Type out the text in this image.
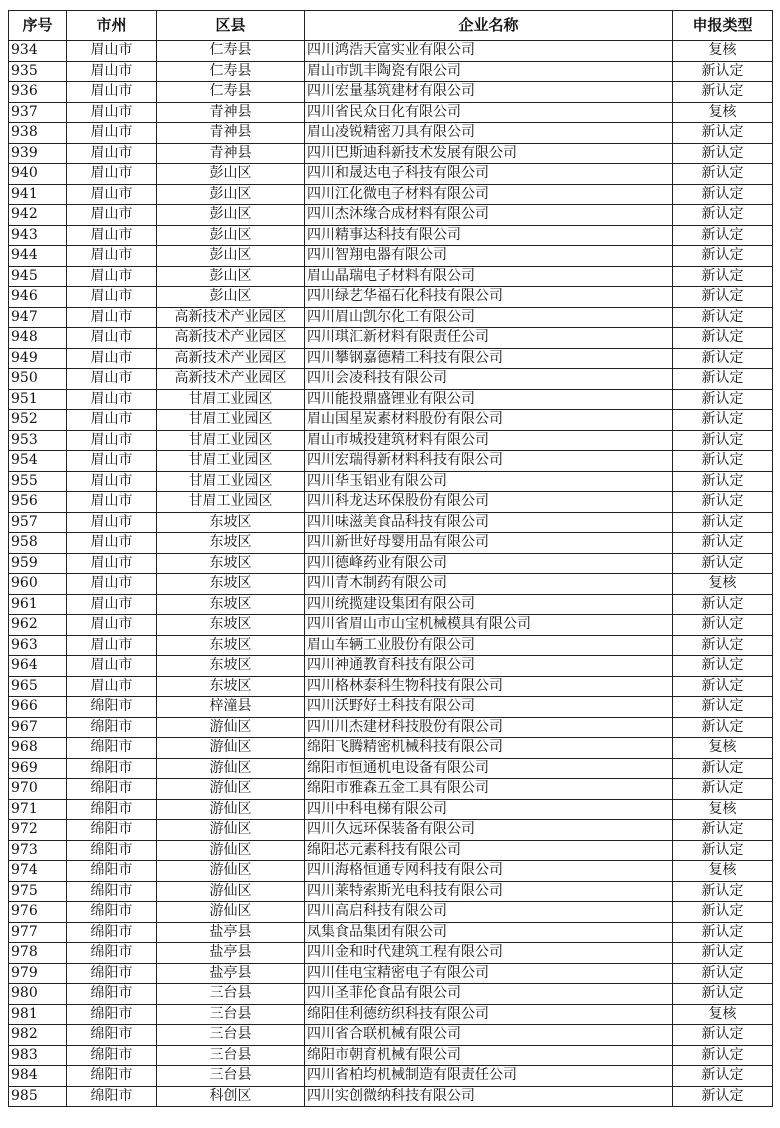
序号	市州	区县	企业名称	申报类型
934	眉山市	仁寿县	四川鸿浩天富实业有限公司	复核
935	眉山市	仁寿县	眉山市凯丰陶瓷有限公司	新认定
936	眉山市	仁寿县	四川宏量基筑建材有限公司	新认定
937	眉山市	青神县	四川省民众日化有限公司	复核
938	眉山市	青神县	眉山凌锐精密刀具有限公司	新认定
939	眉山市	青神县	四川巴斯迪科新技术发展有限公司	新认定
940	眉山市	彭山区	四川和晟达电子科技有限公司	新认定
941	眉山市	彭山区	四川江化微电子材料有限公司	新认定
942	眉山市	彭山区	四川杰沐缘合成材料有限公司	新认定
943	眉山市	彭山区	四川精事达科技有限公司	新认定
944	眉山市	彭山区	四川智翔电器有限公司	新认定
945	眉山市	彭山区	眉山晶瑞电子材料有限公司	新认定
946	眉山市	彭山区	四川绿艺华福石化科技有限公司	新认定
947	眉山市	高新技术产业园区	四川眉山凯尔化工有限公司	新认定
948	眉山市	高新技术产业园区	四川琪汇新材料有限责任公司	新认定
949	眉山市	高新技术产业园区	四川攀钢嘉德精工科技有限公司	新认定
950	眉山市	高新技术产业园区	四川会凌科技有限公司	新认定
951	眉山市	甘眉工业园区	四川能投鼎盛锂业有限公司	新认定
952	眉山市	甘眉工业园区	眉山国星炭素材料股份有限公司	新认定
953	眉山市	甘眉工业园区	眉山市城投建筑材料有限公司	新认定
954	眉山市	甘眉工业园区	四川宏瑞得新材料科技有限公司	新认定
955	眉山市	甘眉工业园区	四川华玉铝业有限公司	新认定
956	眉山市	甘眉工业园区	四川科龙达环保股份有限公司	新认定
957	眉山市	东坡区	四川味滋美食品科技有限公司	新认定
958	眉山市	东坡区	四川新世好母婴用品有限公司	新认定
959	眉山市	东坡区	四川德峰药业有限公司	新认定
960	眉山市	东坡区	四川青木制药有限公司	复核
961	眉山市	东坡区	四川统揽建设集团有限公司	新认定
962	眉山市	东坡区	四川省眉山市山宝机械模具有限公司	新认定
963	眉山市	东坡区	眉山车辆工业股份有限公司	新认定
964	眉山市	东坡区	四川神通教育科技有限公司	新认定
965	眉山市	东坡区	四川格林泰科生物科技有限公司	新认定
966	绵阳市	梓潼县	四川沃野好土科技有限公司	新认定
967	绵阳市	游仙区	四川川杰建材科技股份有限公司	新认定
968	绵阳市	游仙区	绵阳飞腾精密机械科技有限公司	复核
969	绵阳市	游仙区	绵阳市恒通机电设备有限公司	新认定
970	绵阳市	游仙区	绵阳市雅森五金工具有限公司	新认定
971	绵阳市	游仙区	四川中科电梯有限公司	复核
972	绵阳市	游仙区	四川久远环保装备有限公司	新认定
973	绵阳市	游仙区	绵阳芯元素科技有限公司	新认定
974	绵阳市	游仙区	四川海格恒通专网科技有限公司	复核
975	绵阳市	游仙区	四川莱特索斯光电科技有限公司	新认定
976	绵阳市	游仙区	四川高启科技有限公司	新认定
977	绵阳市	盐亭县	凤集食品集团有限公司	新认定
978	绵阳市	盐亭县	四川金和时代建筑工程有限公司	新认定
979	绵阳市	盐亭县	四川佳电宝精密电子有限公司	新认定
980	绵阳市	三台县	四川圣菲伦食品有限公司	新认定
981	绵阳市	三台县	绵阳佳利德纺织科技有限公司	复核
982	绵阳市	三台县	四川省合联机械有限公司	新认定
983	绵阳市	三台县	绵阳市朝育机械有限公司	新认定
984	绵阳市	三台县	四川省柏均机械制造有限责任公司	新认定
985	绵阳市	科创区	四川实创微纳科技有限公司	新认定
